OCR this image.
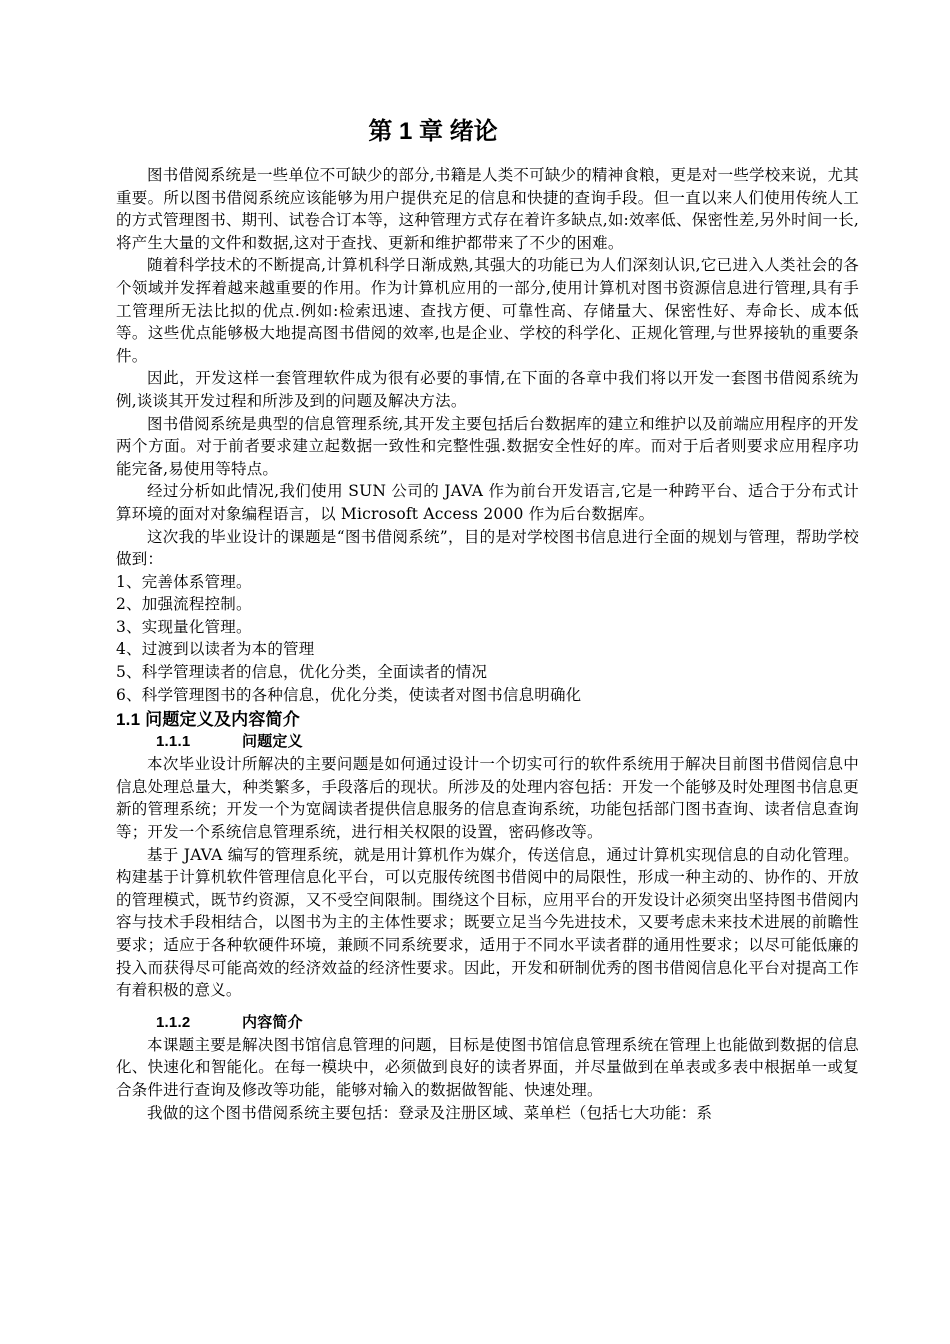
第 1 章 绪论

图书借阅系统是一些单位不可缺少的部分,书籍是人类不可缺少的精神食粮，更是对一些学校来说，尤其重要。所以图书借阅系统应该能够为用户提供充足的信息和快捷的查询手段。但一直以来人们使用传统人工的方式管理图书、期刊、试卷合订本等，这种管理方式存在着许多缺点,如:效率低、保密性差,另外时间一长,将产生大量的文件和数据,这对于查找、更新和维护都带来了不少的困难。

随着科学技术的不断提高,计算机科学日渐成熟,其强大的功能已为人们深刻认识,它已进入人类社会的各个领域并发挥着越来越重要的作用。作为计算机应用的一部分,使用计算机对图书资源信息进行管理,具有手工管理所无法比拟的优点.例如:检索迅速、查找方便、可靠性高、存储量大、保密性好、寿命长、成本低等。这些优点能够极大地提高图书借阅的效率,也是企业、学校的科学化、正规化管理,与世界接轨的重要条件。

因此，开发这样一套管理软件成为很有必要的事情,在下面的各章中我们将以开发一套图书借阅系统为例,谈谈其开发过程和所涉及到的问题及解决方法。

图书借阅系统是典型的信息管理系统,其开发主要包括后台数据库的建立和维护以及前端应用程序的开发两个方面。对于前者要求建立起数据一致性和完整性强.数据安全性好的库。而对于后者则要求应用程序功能完备,易使用等特点。

经过分析如此情况,我们使用 SUN 公司的 JAVA 作为前台开发语言,它是一种跨平台、适合于分布式计算环境的面对对象编程语言，以 Microsoft Access 2000 作为后台数据库。

这次我的毕业设计的课题是“图书借阅系统”，目的是对学校图书信息进行全面的规划与管理，帮助学校做到：

1、完善体系管理。

2、加强流程控制。

3、实现量化管理。

4、过渡到以读者为本的管理

5、科学管理读者的信息，优化分类，全面读者的情况

6、科学管理图书的各种信息，优化分类，使读者对图书信息明确化

1.1 问题定义及内容简介
1.1.1	问题定义

本次毕业设计所解决的主要问题是如何通过设计一个切实可行的软件系统用于解决目前图书借阅信息中信息处理总量大，种类繁多，手段落后的现状。所涉及的处理内容包括：开发一个能够及时处理图书信息更新的管理系统；开发一个为宽阔读者提供信息服务的信息查询系统，功能包括部门图书查询、读者信息查询等；开发一个系统信息管理系统，进行相关权限的设置，密码修改等。

基于 JAVA 编写的管理系统，就是用计算机作为媒介，传送信息，通过计算机实现信息的自动化管理。构建基于计算机软件管理信息化平台，可以克服传统图书借阅中的局限性，形成一种主动的、协作的、开放的管理模式，既节约资源，又不受空间限制。围绕这个目标，应用平台的开发设计必须突出坚持图书借阅内容与技术手段相结合，以图书为主的主体性要求；既要立足当今先进技术，又要考虑未来技术进展的前瞻性要求；适应于各种软硬件环境，兼顾不同系统要求，适用于不同水平读者群的通用性要求；以尽可能低廉的投入而获得尽可能高效的经济效益的经济性要求。因此，开发和研制优秀的图书借阅信息化平台对提高工作有着积极的意义。

1.1.2	内容简介

本课题主要是解决图书馆信息管理的问题，目标是使图书馆信息管理系统在管理上也能做到数据的信息化、快速化和智能化。在每一模块中，必须做到良好的读者界面，并尽量做到在单表或多表中根据单一或复合条件进行查询及修改等功能，能够对输入的数据做智能、快速处理。

我做的这个图书借阅系统主要包括：登录及注册区域、菜单栏（包括七大功能：系
